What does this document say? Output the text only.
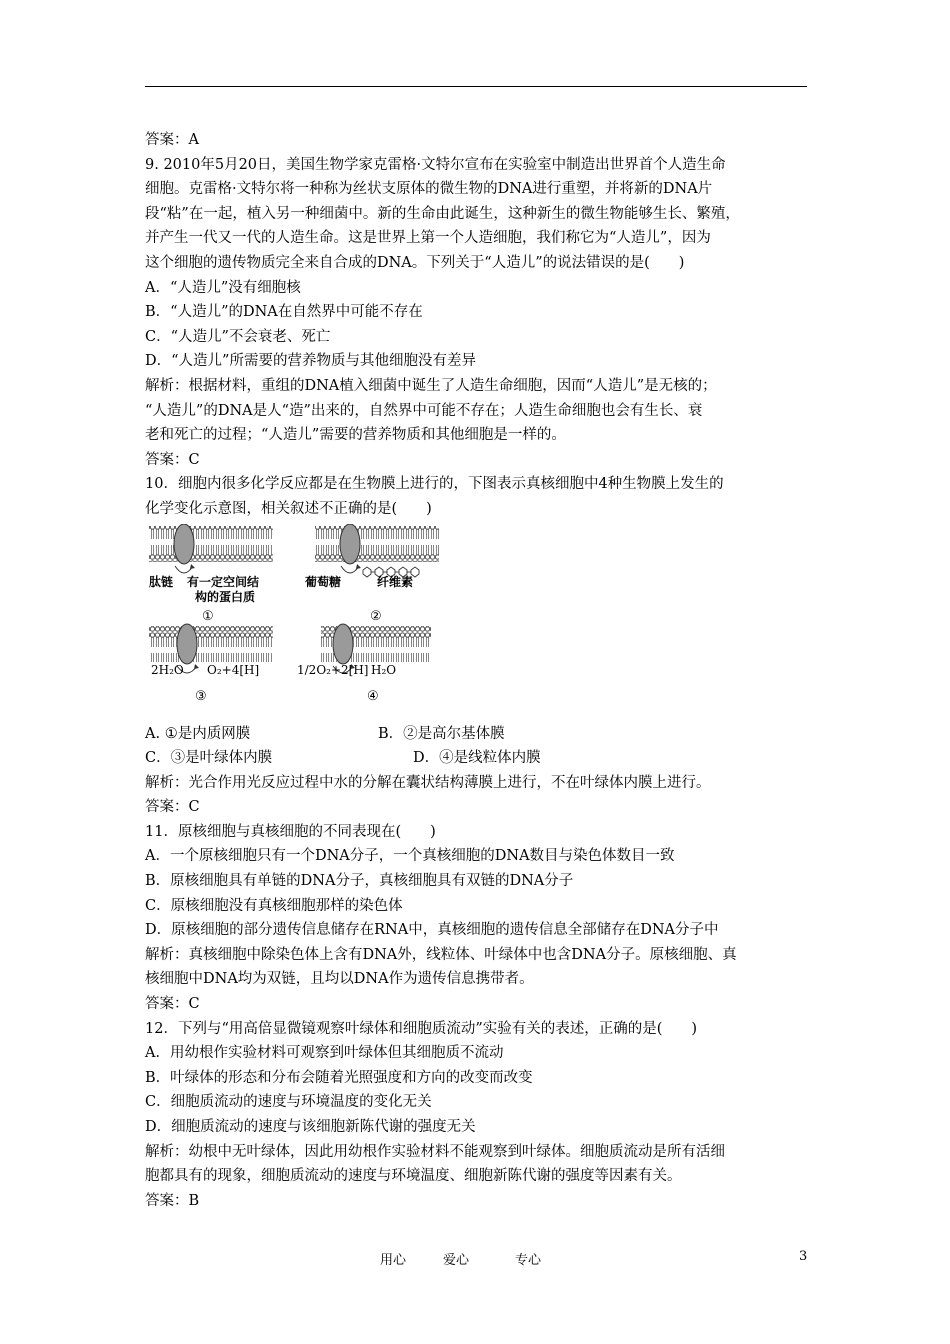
答案：A
9. 2010年5月20日，美国生物学家克雷格·文特尔宣布在实验室中制造出世界首个人造生命
细胞。克雷格·文特尔将一种称为丝状支原体的微生物的DNA进行重塑，并将新的DNA片
段“粘”在一起，植入另一种细菌中。新的生命由此诞生，这种新生的微生物能够生长、繁殖，
并产生一代又一代的人造生命。这是世界上第一个人造细胞，我们称它为“人造儿”，因为
这个细胞的遗传物质完全来自合成的DNA。下列关于“人造儿”的说法错误的是(　　)
A．“人造儿”没有细胞核
B．“人造儿”的DNA在自然界中可能不存在
C．“人造儿”不会衰老、死亡
D．“人造儿”所需要的营养物质与其他细胞没有差异
解析：根据材料，重组的DNA植入细菌中诞生了人造生命细胞，因而“人造儿”是无核的；
“人造儿”的DNA是人“造”出来的，自然界中可能不存在；人造生命细胞也会有生长、衰
老和死亡的过程；“人造儿”需要的营养物质和其他细胞是一样的。
答案：C
10．细胞内很多化学反应都是在生物膜上进行的，下图表示真核细胞中4种生物膜上发生的
化学变化示意图，相关叙述不正确的是(　　)
肽链 有一定空间结
构的蛋白质
①
葡萄糖	纤维素
②
2H₂O O₂+4[H]
③
1/2O₂+2[H] H₂O
④
A. ①是内质网膜	B．②是高尔基体膜
C．③是叶绿体内膜	D．④是线粒体内膜
解析：光合作用光反应过程中水的分解在囊状结构薄膜上进行，不在叶绿体内膜上进行。
答案：C
11．原核细胞与真核细胞的不同表现在(　　)
A．一个原核细胞只有一个DNA分子，一个真核细胞的DNA数目与染色体数目一致
B．原核细胞具有单链的DNA分子，真核细胞具有双链的DNA分子
C．原核细胞没有真核细胞那样的染色体
D．原核细胞的部分遗传信息储存在RNA中，真核细胞的遗传信息全部储存在DNA分子中
解析：真核细胞中除染色体上含有DNA外，线粒体、叶绿体中也含DNA分子。原核细胞、真
核细胞中DNA均为双链，且均以DNA作为遗传信息携带者。
答案：C
12．下列与“用高倍显微镜观察叶绿体和细胞质流动”实验有关的表述，正确的是(　　)
A．用幼根作实验材料可观察到叶绿体但其细胞质不流动
B．叶绿体的形态和分布会随着光照强度和方向的改变而改变
C．细胞质流动的速度与环境温度的变化无关
D．细胞质流动的速度与该细胞新陈代谢的强度无关
解析：幼根中无叶绿体，因此用幼根作实验材料不能观察到叶绿体。细胞质流动是所有活细
胞都具有的现象，细胞质流动的速度与环境温度、细胞新陈代谢的强度等因素有关。
答案：B
用心	爱心	专心	3
